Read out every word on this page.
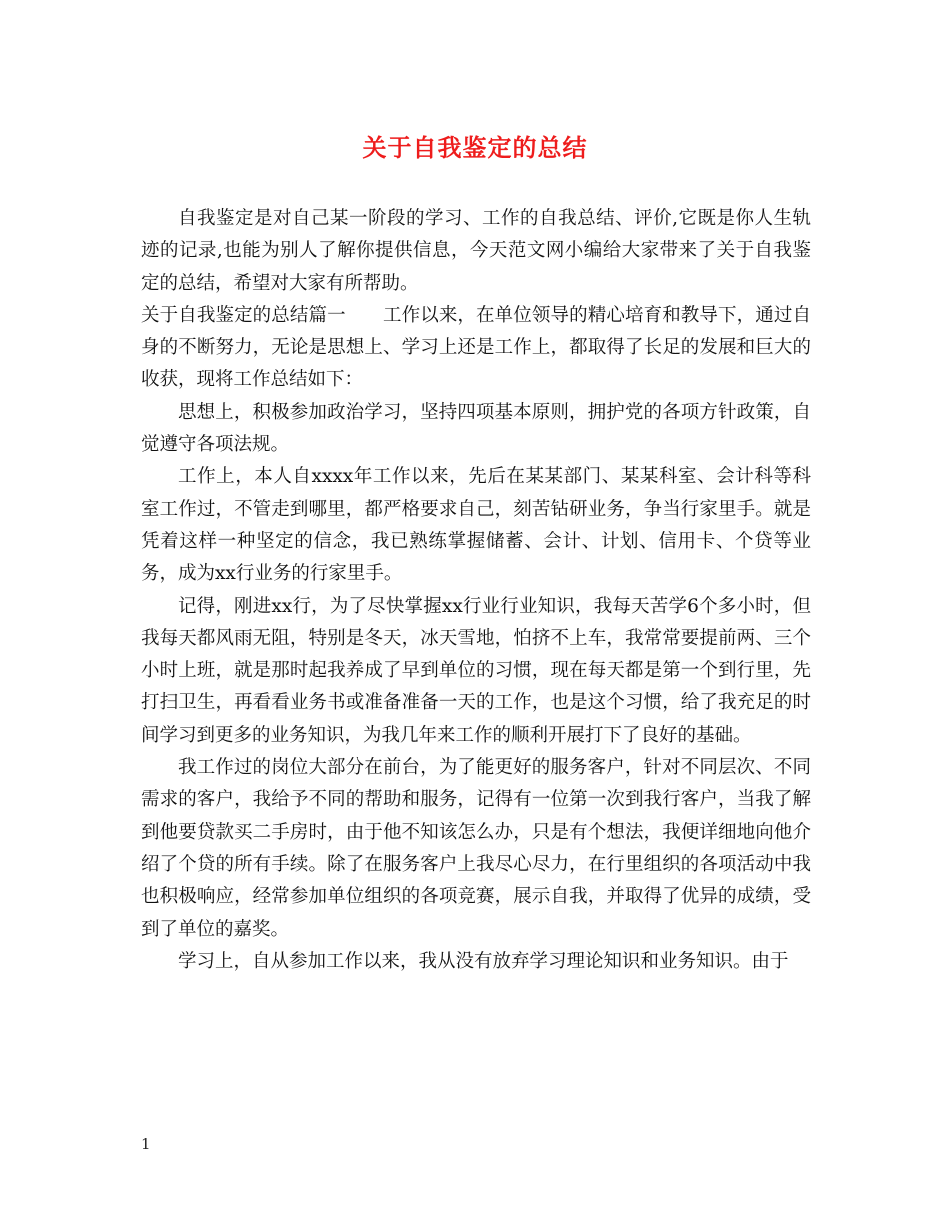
关于自我鉴定的总结

自我鉴定是对自己某一阶段的学习、工作的自我总结、评价,它既是你人生轨迹的记录,也能为别人了解你提供信息，今天范文网小编给大家带来了关于自我鉴定的总结，希望对大家有所帮助。

关于自我鉴定的总结篇一　　工作以来，在单位领导的精心培育和教导下，通过自身的不断努力，无论是思想上、学习上还是工作上，都取得了长足的发展和巨大的收获，现将工作总结如下：

思想上，积极参加政治学习，坚持四项基本原则，拥护党的各项方针政策，自觉遵守各项法规。

工作上，本人自xxxx年工作以来，先后在某某部门、某某科室、会计科等科室工作过，不管走到哪里，都严格要求自己，刻苦钻研业务，争当行家里手。就是凭着这样一种坚定的信念，我已熟练掌握储蓄、会计、计划、信用卡、个贷等业务，成为xx行业务的行家里手。

记得，刚进xx行，为了尽快掌握xx行业行业知识，我每天苦学6个多小时，但我每天都风雨无阻，特别是冬天，冰天雪地，怕挤不上车，我常常要提前两、三个小时上班，就是那时起我养成了早到单位的习惯，现在每天都是第一个到行里，先打扫卫生，再看看业务书或准备准备一天的工作，也是这个习惯，给了我充足的时间学习到更多的业务知识，为我几年来工作的顺利开展打下了良好的基础。

我工作过的岗位大部分在前台，为了能更好的服务客户，针对不同层次、不同需求的客户，我给予不同的帮助和服务，记得有一位第一次到我行客户，当我了解到他要贷款买二手房时，由于他不知该怎么办，只是有个想法，我便详细地向他介绍了个贷的所有手续。除了在服务客户上我尽心尽力，在行里组织的各项活动中我也积极响应，经常参加单位组织的各项竞赛，展示自我，并取得了优异的成绩，受到了单位的嘉奖。

学习上，自从参加工作以来，我从没有放弃学习理论知识和业务知识。由于

1
